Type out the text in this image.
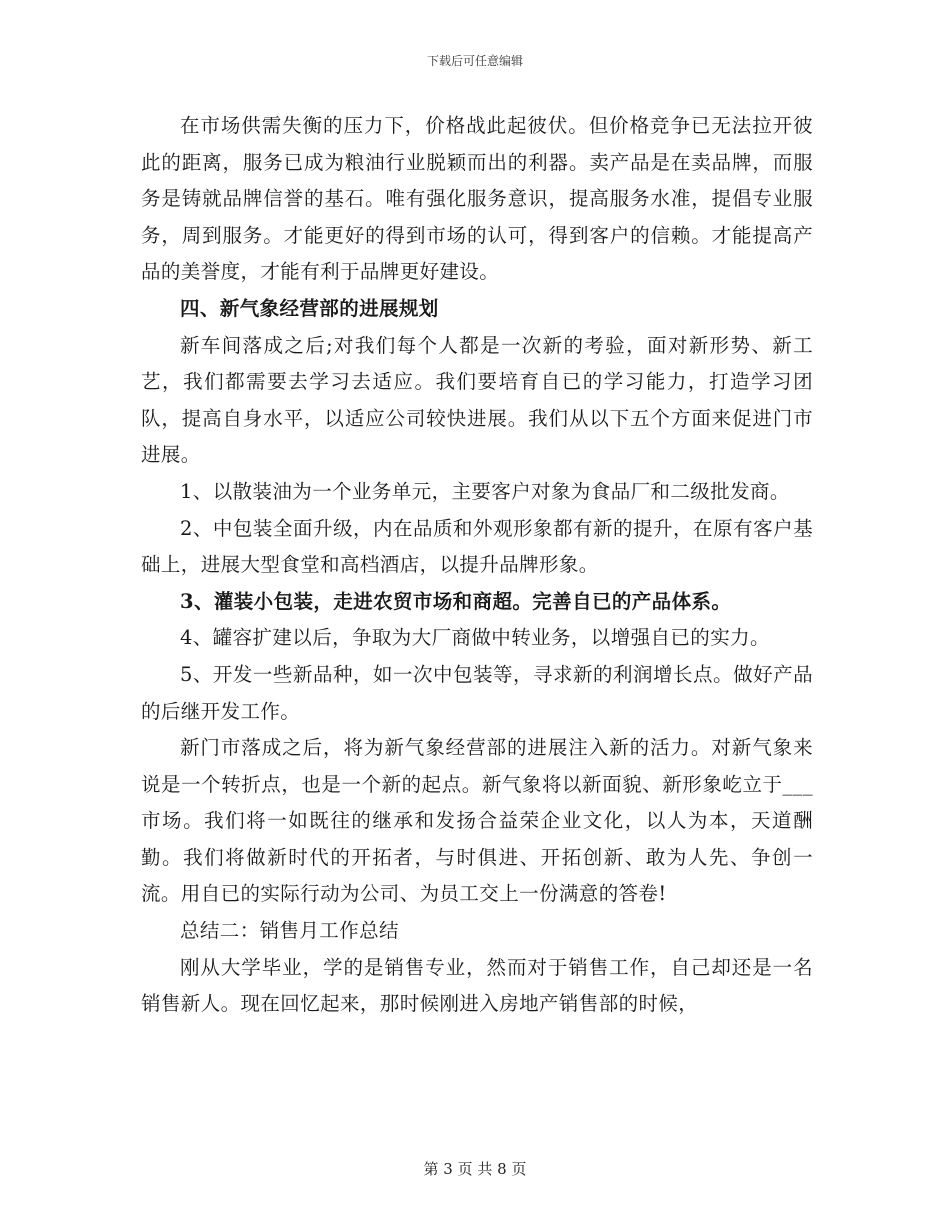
下载后可任意编辑

在市场供需失衡的压力下，价格战此起彼伏。但价格竞争已无法拉开彼此的距离，服务已成为粮油行业脱颖而出的利器。卖产品是在卖品牌，而服务是铸就品牌信誉的基石。唯有强化服务意识，提高服务水准，提倡专业服务，周到服务。才能更好的得到市场的认可，得到客户的信赖。才能提高产品的美誉度，才能有利于品牌更好建设。

四、新气象经营部的进展规划

新车间落成之后;对我们每个人都是一次新的考验，面对新形势、新工艺，我们都需要去学习去适应。我们要培育自已的学习能力，打造学习团队，提高自身水平，以适应公司较快进展。我们从以下五个方面来促进门市进展。

1、以散装油为一个业务单元，主要客户对象为食品厂和二级批发商。

2、中包装全面升级，内在品质和外观形象都有新的提升，在原有客户基础上，进展大型食堂和高档酒店，以提升品牌形象。

3、灌装小包装，走进农贸市场和商超。完善自已的产品体系。

4、罐容扩建以后，争取为大厂商做中转业务，以增强自已的实力。

5、开发一些新品种，如一次中包装等，寻求新的利润增长点。做好产品的后继开发工作。

新门市落成之后，将为新气象经营部的进展注入新的活力。对新气象来说是一个转折点，也是一个新的起点。新气象将以新面貌、新形象屹立于___市场。我们将一如既往的继承和发扬合益荣企业文化，以人为本，天道酬勤。我们将做新时代的开拓者，与时俱进、开拓创新、敢为人先、争创一流。用自已的实际行动为公司、为员工交上一份满意的答卷!

总结二：销售月工作总结

刚从大学毕业，学的是销售专业，然而对于销售工作，自己却还是一名销售新人。现在回忆起来，那时候刚进入房地产销售部的时候，

第 3 页 共 8 页
